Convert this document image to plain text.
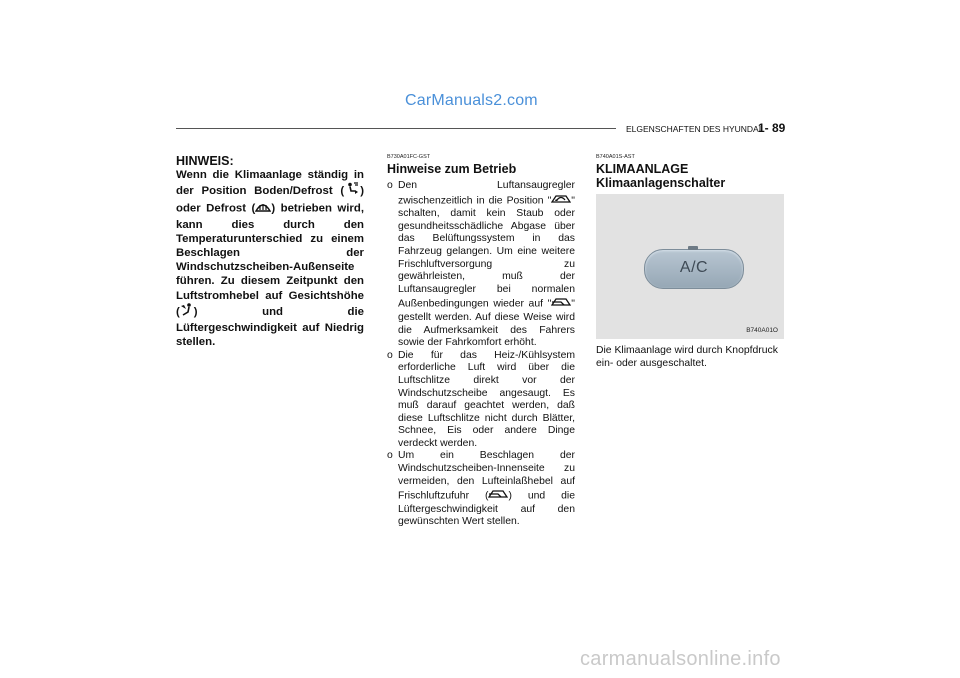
CarManuals2.com
ELGENSCHAFTEN DES HYUNDAI
1- 89
HINWEIS:

Wenn die Klimaanlage ständig in der Position Boden/Defrost ( ) oder Defrost ( ) betrieben wird, kann dies durch den Temperaturunterschied zu einem Beschlagen der Windschutzscheiben-Außenseite führen. Zu diesem Zeitpunkt den Luftstromhebel auf Gesichtshöhe ( ) und die Lüftergeschwindigkeit auf Niedrig stellen.

B730A01FC-GST
Hinweise zum Betrieb
o Den Luftansaugregler zwischenzeitlich in die Position " " schalten, damit kein Staub oder gesundheitsschädliche Abgase über das Belüftungssystem in das Fahrzeug gelangen. Um eine weitere Frischluftversorgung zu gewährleisten, muß der Luftansaugregler bei normalen Außenbedingungen wieder auf " " gestellt werden. Auf diese Weise wird die Aufmerksamkeit des Fahrers sowie der Fahrkomfort erhöht.
o Die für das Heiz-/Kühlsystem erforderliche Luft wird über die Luftschlitze direkt vor der Windschutzscheibe angesaugt. Es muß darauf geachtet werden, daß diese Luftschlitze nicht durch Blätter, Schnee, Eis oder andere Dinge verdeckt werden.
o Um ein Beschlagen der Windschutzscheiben-Innenseite zu vermeiden, den Lufteinlaßhebel auf Frischluftzufuhr ( ) und die Lüftergeschwindigkeit auf den gewünschten Wert stellen.
B740A01S-AST
KLIMAANLAGE
Klimaanlagenschalter
A/C
B740A01O
Die Klimaanlage wird durch Knopfdruck ein- oder ausgeschaltet.
carmanualsonline.info
